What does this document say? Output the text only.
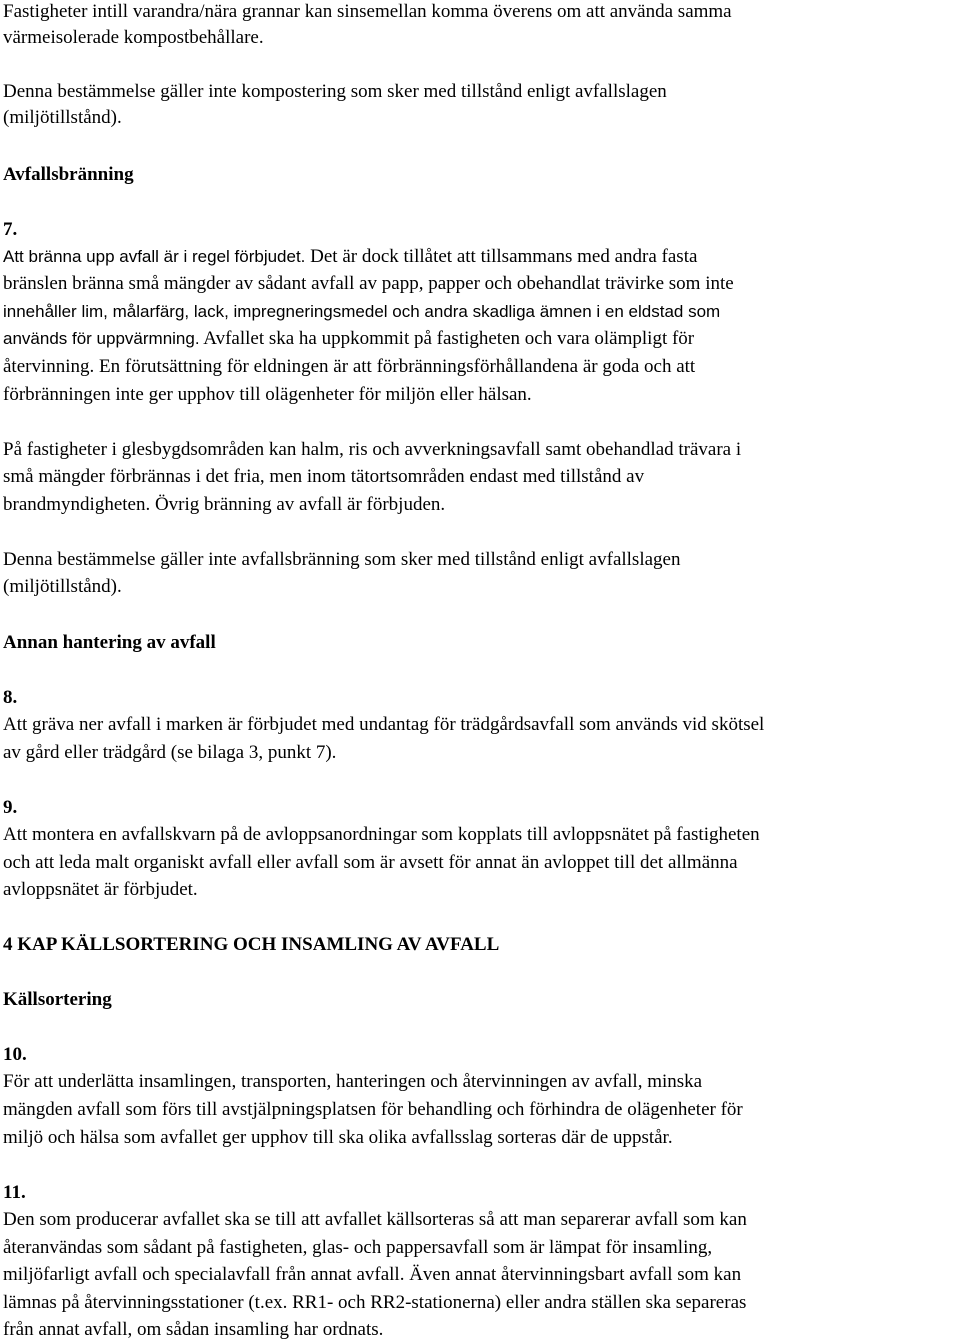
Fastigheter intill varandra/nära grannar kan sinsemellan komma överens om att använda samma

värmeisolerade kompostbehållare.

Denna bestämmelse gäller inte kompostering som sker med tillstånd enligt avfallslagen

(miljötillstånd).

Avfallsbränning

7.

Att bränna upp avfall är i regel förbjudet. Det är dock tillåtet att tillsammans med andra fasta

bränslen bränna små mängder av sådant avfall av papp, papper och obehandlat trävirke som inte

innehåller lim, målarfärg, lack, impregneringsmedel och andra skadliga ämnen i en eldstad som

används för uppvärmning. Avfallet ska ha uppkommit på fastigheten och vara olämpligt för

återvinning. En förutsättning för eldningen är att förbränningsförhållandena är goda och att

förbränningen inte ger upphov till olägenheter för miljön eller hälsan.

På fastigheter i glesbygdsområden kan halm, ris och avverkningsavfall samt obehandlad trävara i

små mängder förbrännas i det fria, men inom tätortsområden endast med tillstånd av

brandmyndigheten. Övrig bränning av avfall är förbjuden.

Denna bestämmelse gäller inte avfallsbränning som sker med tillstånd enligt avfallslagen

(miljötillstånd).

Annan hantering av avfall

8.

Att gräva ner avfall i marken är förbjudet med undantag för trädgårdsavfall som används vid skötsel

av gård eller trädgård (se bilaga 3, punkt 7).

9.

Att montera en avfallskvarn på de avloppsanordningar som kopplats till avloppsnätet på fastigheten

och att leda malt organiskt avfall eller avfall som är avsett för annat än avloppet till det allmänna

avloppsnätet är förbjudet.

4 KAP KÄLLSORTERING OCH INSAMLING AV AVFALL

Källsortering

10.

För att underlätta insamlingen, transporten, hanteringen och återvinningen av avfall, minska

mängden avfall som förs till avstjälpningsplatsen för behandling och förhindra de olägenheter för

miljö och hälsa som avfallet ger upphov till ska olika avfallsslag sorteras där de uppstår.

11.

Den som producerar avfallet ska se till att avfallet källsorteras så att man separerar avfall som kan

återanvändas som sådant på fastigheten, glas- och pappersavfall som är lämpat för insamling,

miljöfarligt avfall och specialavfall från annat avfall. Även annat återvinningsbart avfall som kan

lämnas på återvinningsstationer (t.ex. RR1- och RR2-stationerna) eller andra ställen ska separeras

från annat avfall, om sådan insamling har ordnats.
